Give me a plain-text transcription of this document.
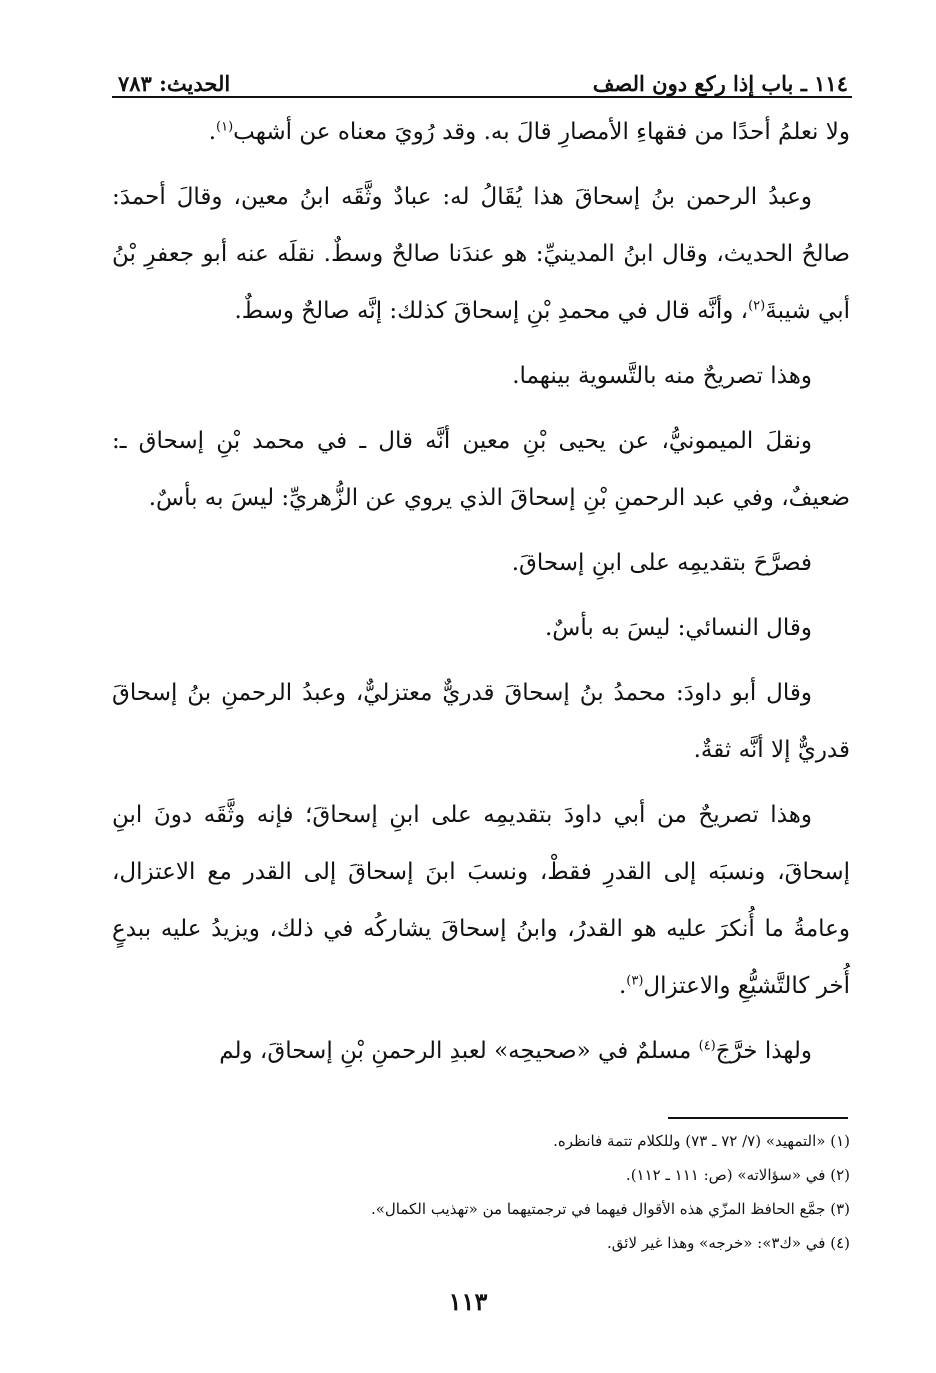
١١٤ ـ باب إذا ركع دون الصف
الحديث: ٧٨٣

ولا نعلمُ أحدًا من فقهاءِ الأمصارِ قالَ به. وقد رُويَ معناه عن أشهب$^{(١)}$.

وعبدُ الرحمن بنُ إسحاقَ هذا يُقَالُ له: عبادٌ وثَّقَه ابنُ معين، وقالَ أحمدَ: صالحُ الحديث، وقال ابنُ المدينيِّ: هو عندَنا صالحٌ وسطٌ. نقلَه عنه أبو جعفرِ بْنُ أبي شيبةَ$^{(٢)}$، وأنَّه قال في محمدِ بْنِ إسحاقَ كذلك: إنَّه صالحٌ وسطٌ.

وهذا تصريحٌ منه بالتَّسوية بينهما.

ونقلَ الميمونيُّ، عن يحيى بْنِ معين أنَّه قال ـ في محمد بْنِ إسحاق ـ: ضعيفٌ، وفي عبد الرحمنِ بْنِ إسحاقَ الذي يروي عن الزُّهريِّ: ليسَ به بأسٌ.

فصرَّحَ بتقديمِه على ابنِ إسحاقَ.

وقال النسائي: ليسَ به بأسٌ.

وقال أبو داودَ: محمدُ بنُ إسحاقَ قدريٌّ معتزليٌّ، وعبدُ الرحمنِ بنُ إسحاقَ قدريٌّ إلا أنَّه ثقةٌ.

وهذا تصريحٌ من أبي داودَ بتقديمِه على ابنِ إسحاقَ؛ فإنه وثَّقَه دونَ ابنِ إسحاقَ، ونسبَه إلى القدرِ فقطْ، ونسبَ ابنَ إسحاقَ إلى القدر مع الاعتزال، وعامةُ ما أُنكرَ عليه هو القدرُ، وابنُ إسحاقَ يشاركُه في ذلك، ويزيدُ عليه ببدعٍ أُخر كالتَّشيُّعِ والاعتزال$^{(٣)}$.

ولهذا خرَّجَ$^{(٤)}$ مسلمٌ في «صحيحِه» لعبدِ الرحمنِ بْنِ إسحاقَ، ولم

(١) «التمهيد» (٧/ ٧٢ ـ ٧٣) وللكلام تتمة فانظره.

(٢) في «سؤالاته» (ص: ١١١ ـ ١١٢).

(٣) جمَّع الحافظ المزّي هذه الأقوال فيهما في ترجمتيهما من «تهذيب الكمال».

(٤) في «ك٣»: «خرجه» وهذا غير لائق.

١١٣
